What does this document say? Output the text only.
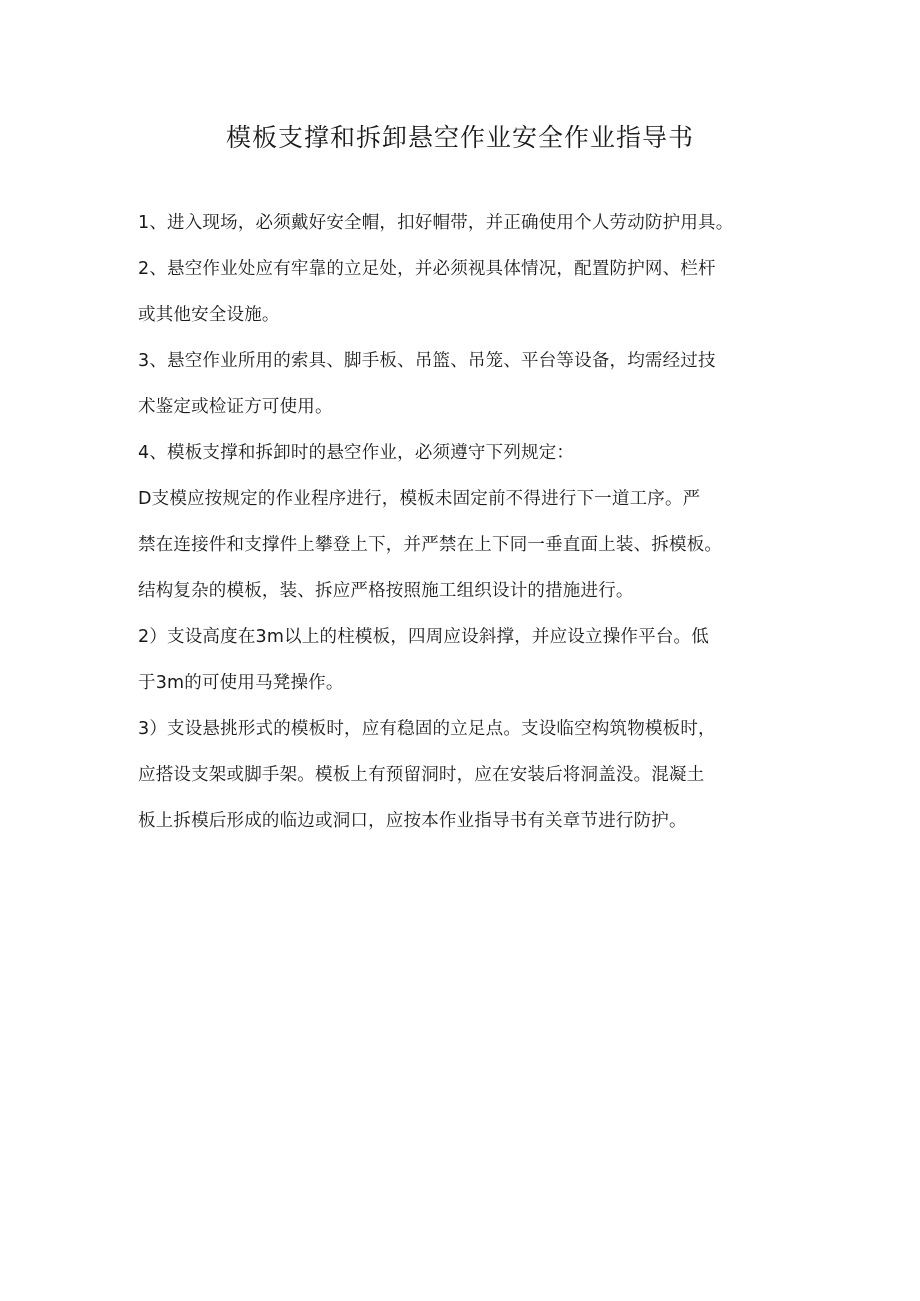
模板支撑和拆卸悬空作业安全作业指导书

1、进入现场，必须戴好安全帽，扣好帽带，并正确使用个人劳动防护用具。

2、悬空作业处应有牢靠的立足处，并必须视具体情况，配置防护网、栏杆
或其他安全设施。

3、悬空作业所用的索具、脚手板、吊篮、吊笼、平台等设备，均需经过技
术鉴定或检证方可使用。

4、模板支撑和拆卸时的悬空作业，必须遵守下列规定：

D支模应按规定的作业程序进行，模板未固定前不得进行下一道工序。严
禁在连接件和支撑件上攀登上下，并严禁在上下同一垂直面上装、拆模板。
结构复杂的模板，装、拆应严格按照施工组织设计的措施进行。

2）支设高度在3m以上的柱模板，四周应设斜撑，并应设立操作平台。低
于3m的可使用马凳操作。

3）支设悬挑形式的模板时，应有稳固的立足点。支设临空构筑物模板时，
应搭设支架或脚手架。模板上有预留洞时，应在安装后将洞盖没。混凝土
板上拆模后形成的临边或洞口，应按本作业指导书有关章节进行防护。
